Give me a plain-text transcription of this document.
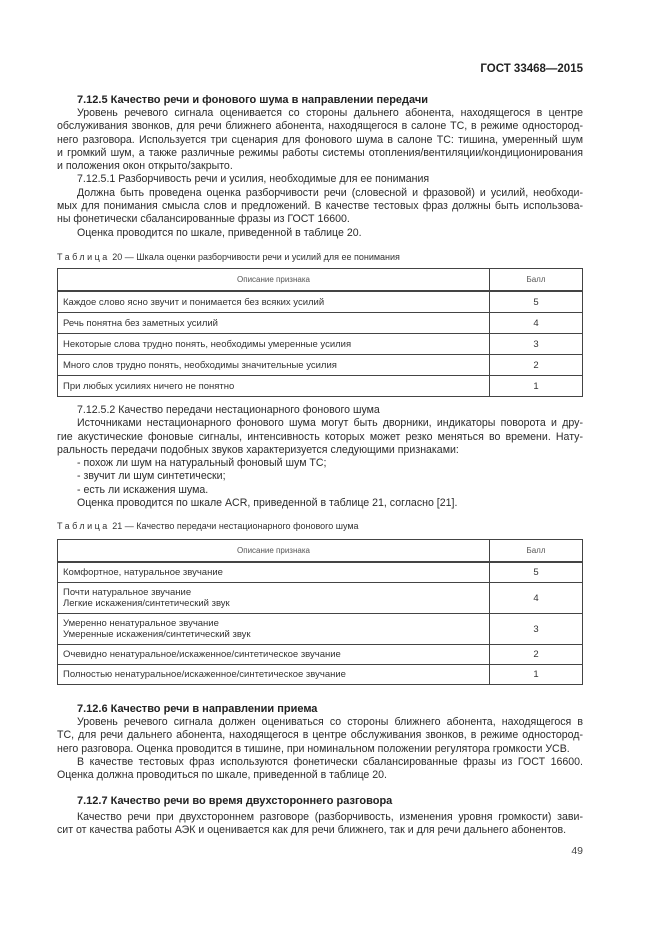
ГОСТ 33468—2015
7.12.5 Качество речи и фонового шума в направлении передачи
Уровень речевого сигнала оценивается со стороны дальнего абонента, находящегося в центре
обслуживания звонков, для речи ближнего абонента, находящегося в салоне ТС, в режиме одностород-
него разговора. Используется три сценария для фонового шума в салоне ТС: тишина, умеренный шум
и громкий шум, а также различные режимы работы системы отопления/вентиляции/кондиционирования
и положения окон открыто/закрыто.
7.12.5.1 Разборчивость речи и усилия, необходимые для ее понимания
Должна быть проведена оценка разборчивости речи (словесной и фразовой) и усилий, необходи-
мых для понимания смысла слов и предложений. В качестве тестовых фраз должны быть использова-
ны фонетически сбалансированные фразы из ГОСТ 16600.
Оценка проводится по шкале, приведенной в таблице 20.
Таблица 20 — Шкала оценки разборчивости речи и усилий для ее понимания
Описание признака	Балл
Каждое слово ясно звучит и понимается без всяких усилий	5
Речь понятна без заметных усилий	4
Некоторые слова трудно понять, необходимы умеренные усилия	3
Много слов трудно понять, необходимы значительные усилия	2
При любых усилиях ничего не понятно	1
7.12.5.2 Качество передачи нестационарного фонового шума
Источниками нестационарного фонового шума могут быть дворники, индикаторы поворота и дру-
гие акустические фоновые сигналы, интенсивность которых может резко меняться во времени. Нату-
ральность передачи подобных звуков характеризуется следующими признаками:
- похож ли шум на натуральный фоновый шум ТС;
- звучит ли шум синтетически;
- есть ли искажения шума.
Оценка проводится по шкале ACR, приведенной в таблице 21, согласно [21].
Таблица 21 — Качество передачи нестационарного фонового шума
Описание признака	Балл

Комфортное, натуральное звучание	5

Почти натуральное звучание
Легкие искажения/синтетический звук	4

Умеренно ненатуральное звучание
Умеренные искажения/синтетический звук	3

Очевидно ненатуральное/искаженное/синтетическое звучание	2

Полностью ненатуральное/искаженное/синтетическое звучание	1
7.12.6 Качество речи в направлении приема
Уровень речевого сигнала должен оцениваться со стороны ближнего абонента, находящегося в
ТС, для речи дальнего абонента, находящегося в центре обслуживания звонков, в режиме одностород-
него разговора. Оценка проводится в тишине, при номинальном положении регулятора громкости УСВ.
В качестве тестовых фраз используются фонетически сбалансированные фразы из ГОСТ 16600.
Оценка должна проводиться по шкале, приведенной в таблице 20.
7.12.7 Качество речи во время двухстороннего разговора
Качество речи при двухстороннем разговоре (разборчивость, изменения уровня громкости) зави-
сит от качества работы АЭК и оценивается как для речи ближнего, так и для речи дальнего абонентов.
49
